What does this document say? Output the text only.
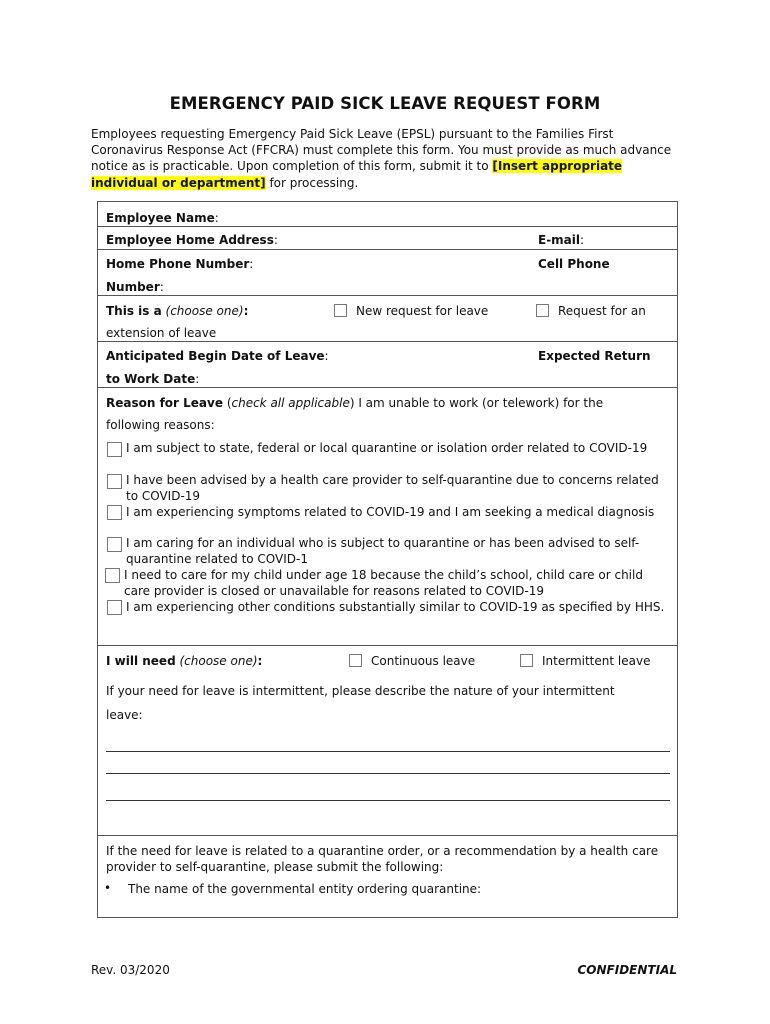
EMERGENCY PAID SICK LEAVE REQUEST FORM

Employees requesting Emergency Paid Sick Leave (EPSL) pursuant to the Families First Coronavirus Response Act (FFCRA) must complete this form. You must provide as much advance notice as is practicable. Upon completion of this form, submit it to [Insert appropriate individual or department] for processing.

Employee Name:
Employee Home Address:	E-mail:
Home Phone Number:	Cell Phone
Number:
This is a (choose one):	New request for leave	Request for an
extension of leave
Anticipated Begin Date of Leave:	Expected Return
to Work Date:
Reason for Leave (check all applicable) I am unable to work (or telework) for the
following reasons:
I am subject to state, federal or local quarantine or isolation order related to COVID-19
I have been advised by a health care provider to self-quarantine due to concerns related to COVID-19
I am experiencing symptoms related to COVID-19 and I am seeking a medical diagnosis
I am caring for an individual who is subject to quarantine or has been advised to self-quarantine related to COVID-1
I need to care for my child under age 18 because the child’s school, child care or child care provider is closed or unavailable for reasons related to COVID-19
I am experiencing other conditions substantially similar to COVID-19 as specified by HHS.
I will need (choose one):	Continuous leave	Intermittent leave
If your need for leave is intermittent, please describe the nature of your intermittent
leave:
If the need for leave is related to a quarantine order, or a recommendation by a health care provider to self-quarantine, please submit the following:
• The name of the governmental entity ordering quarantine:
Rev. 03/2020	CONFIDENTIAL
